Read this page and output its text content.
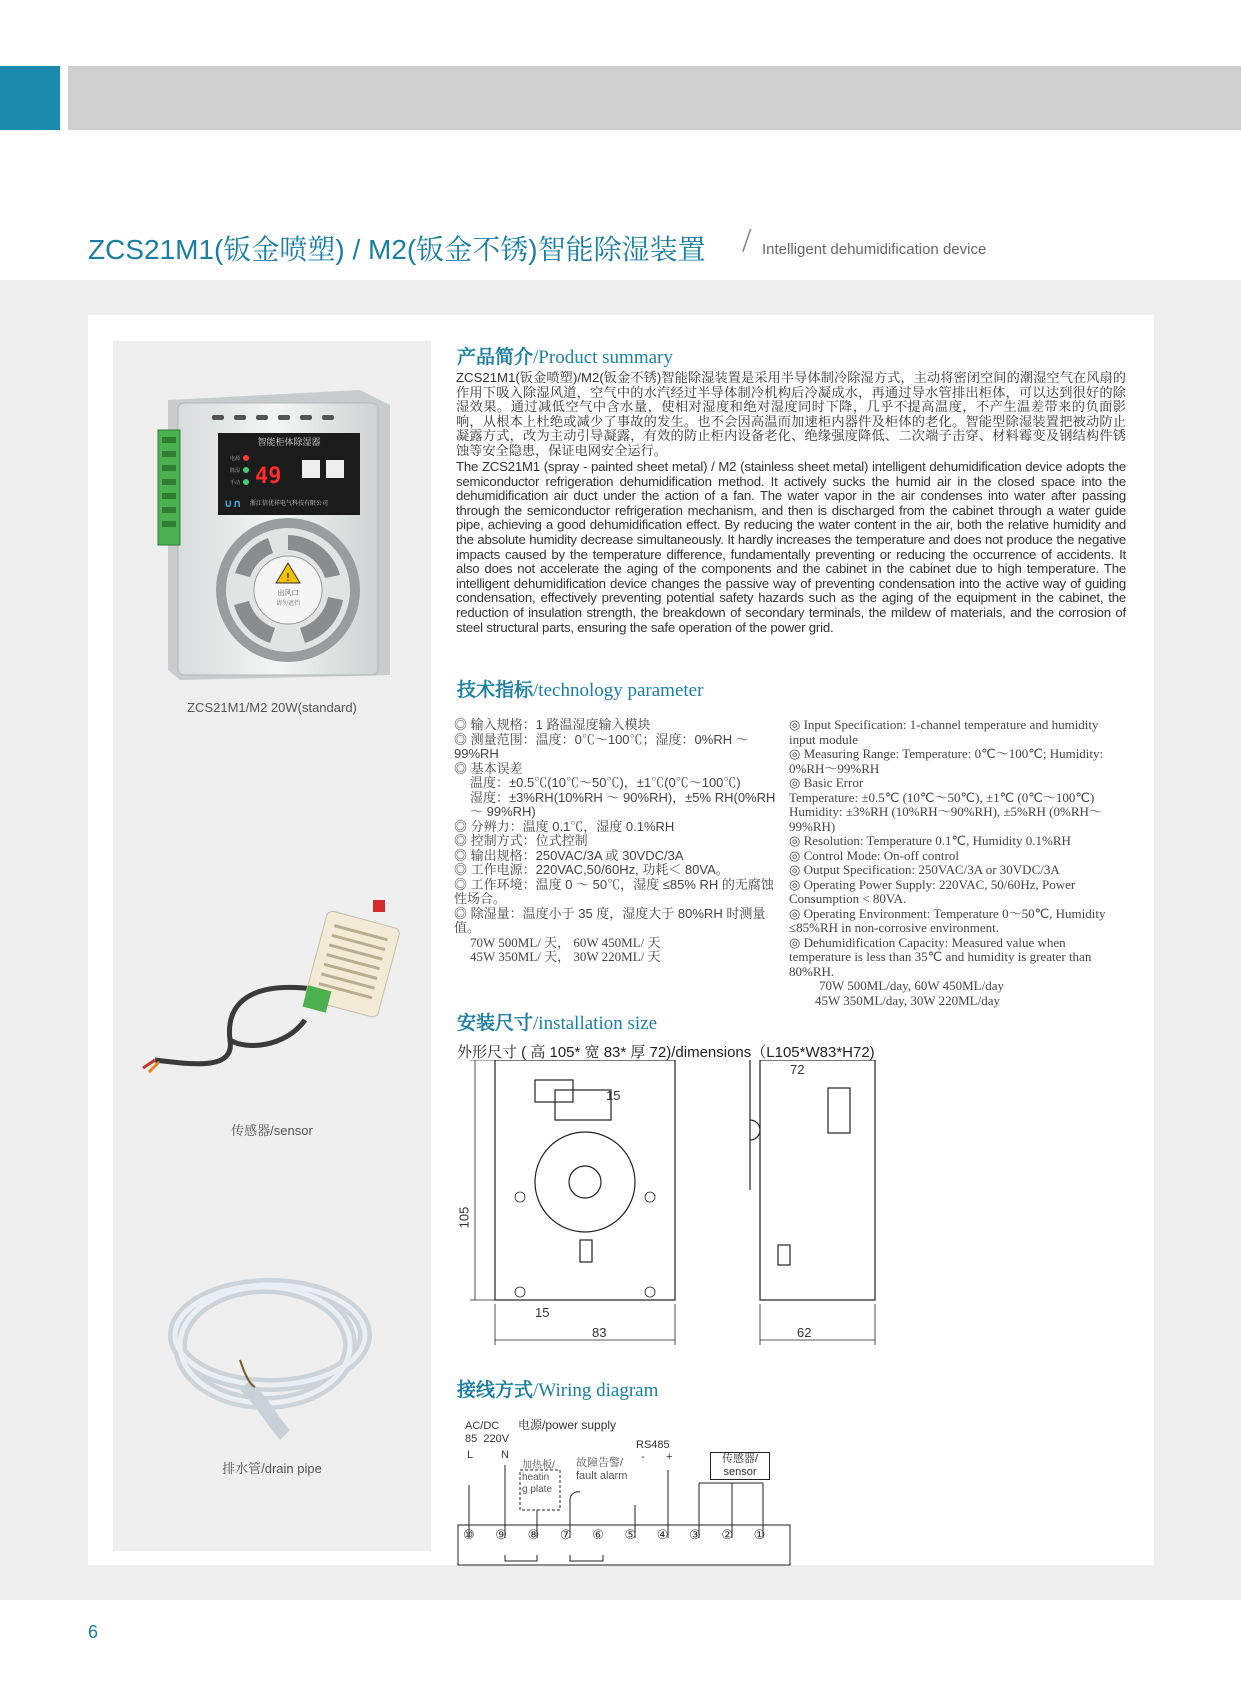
ZCS21M1(钣金喷塑) / M2(钣金不锈)智能除湿装置 / Intelligent dehumidification device
智能柜体除湿器
电源
除湿
手动 49
浙江信优祥电气科技有限公司
∪∩
!
出风口
请勿遮挡
ZCS21M1/M2 20W(standard)
传感器/sensor
排水管/drain pipe
产品简介/Product summary
ZCS21M1(钣金喷塑)/M2(钣金不锈)智能除湿装置是采用半导体制冷除湿方式，主动将密闭空间的潮湿空气在风扇的作用下吸入除湿风道，空气中的水汽经过半导体制冷机构后冷凝成水，再通过导水管排出柜体，可以达到很好的除湿效果。通过减低空气中含水量，使相对湿度和绝对湿度同时下降，几乎不提高温度，不产生温差带来的负面影响，从根本上杜绝或减少了事故的发生。也不会因高温而加速柜内器件及柜体的老化。智能型除湿装置把被动防止凝露方式，改为主动引导凝露，有效的防止柜内设备老化、绝缘强度降低、二次端子击穿、材料霉变及钢结构件锈蚀等安全隐患，保证电网安全运行。
The ZCS21M1 (spray - painted sheet metal) / M2 (stainless sheet metal) intelligent dehumidification device adopts the semiconductor refrigeration dehumidification method. It actively sucks the humid air in the closed space into the dehumidification air duct under the action of a fan. The water vapor in the air condenses into water after passing through the semiconductor refrigeration mechanism, and then is discharged from the cabinet through a water guide pipe, achieving a good dehumidification effect. By reducing the water content in the air, both the relative humidity and the absolute humidity decrease simultaneously. It hardly increases the temperature and does not produce the negative impacts caused by the temperature difference, fundamentally preventing or reducing the occurrence of accidents. It also does not accelerate the aging of the components and the cabinet in the cabinet due to high temperature. The intelligent dehumidification device changes the passive way of preventing condensation into the active way of guiding condensation, effectively preventing potential safety hazards such as the aging of the equipment in the cabinet, the reduction of insulation strength, the breakdown of secondary terminals, the mildew of materials, and the corrosion of steel structural parts, ensuring the safe operation of the power grid.
技术指标/technology parameter
◎ 输入规格：1 路温湿度输入模块
◎ 测量范围：温度：0℃～100℃；湿度：0%RH ～ 99%RH
◎ 基本误差
温度：±0.5℃(10℃～50℃)，±1℃(0℃～100℃)
湿度：±3%RH(10%RH ～ 90%RH)，±5% RH(0%RH ～ 99%RH)
◎ 分辨力：温度 0.1℃，湿度 0.1%RH
◎ 控制方式：位式控制
◎ 输出规格：250VAC/3A 或 30VDC/3A
◎ 工作电源：220VAC,50/60Hz, 功耗＜ 80VA。
◎ 工作环境：温度 0 ～ 50℃，湿度 ≤85% RH 的无腐蚀性场合。
◎ 除湿量：温度小于 35 度，湿度大于 80%RH 时测量值。
70W 500ML/ 天， 60W 450ML/ 天
45W 350ML/ 天， 30W 220ML/ 天
◎ Input Specification: 1-channel temperature and humidity input module
◎ Measuring Range: Temperature: 0℃～100℃; Humidity: 0%RH～99%RH
◎ Basic Error
Temperature: ±0.5℃ (10℃～50℃), ±1℃ (0℃～100℃) Humidity: ±3%RH (10%RH～90%RH), ±5%RH (0%RH～99%RH)
◎ Resolution: Temperature 0.1℃, Humidity 0.1%RH
◎ Control Mode: On-off control
◎ Output Specification: 250VAC/3A or 30VDC/3A
◎ Operating Power Supply: 220VAC, 50/60Hz, Power Consumption < 80VA.
◎ Operating Environment: Temperature 0～50℃, Humidity ≤85%RH in non-corrosive environment.
◎ Dehumidification Capacity: Measured value when temperature is less than 35℃ and humidity is greater than 80%RH.
70W 500ML/day, 60W 450ML/day
45W 350ML/day, 30W 220ML/day
安装尺寸/installation size
外形尺寸 ( 高 105* 宽 83* 厚 72)/dimensions（L105*W83*H72)
15
105
15
83
72
62
接线方式/Wiring diagram
AC/DC
85  220V
电源/power supply
L	N
加热板/
heatin
g plate
故障告警/
fault alarm
RS485
- +	传感器/
sensor
⑩	⑨	⑧	⑦	⑥	⑤	④	③	②	①
6
